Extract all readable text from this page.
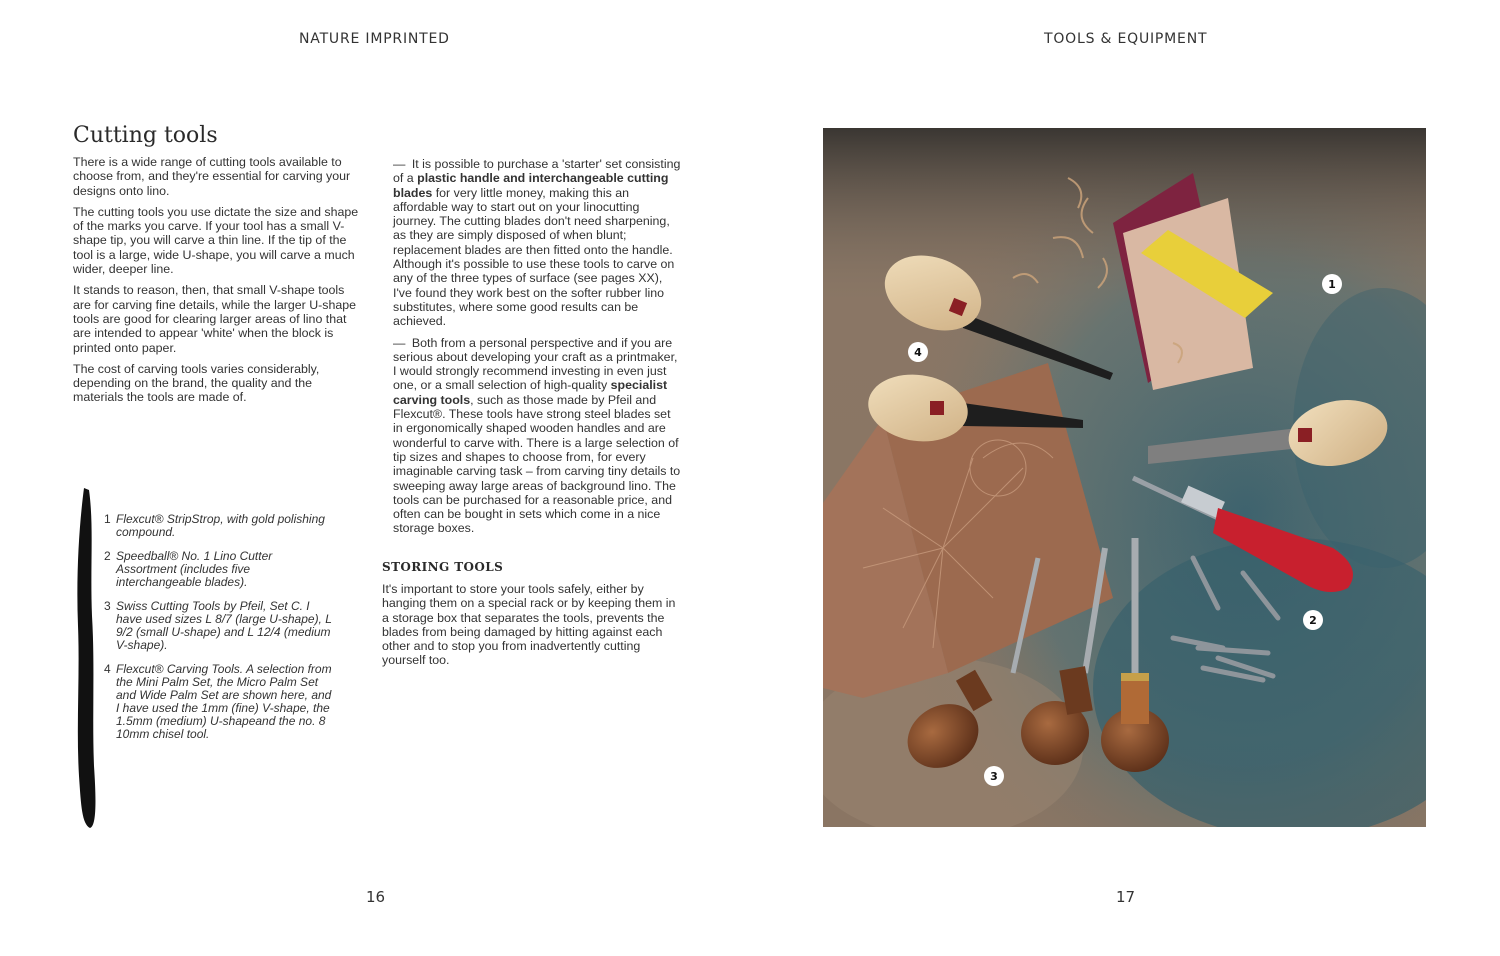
NATURE IMPRINTED	TOOLS & EQUIPMENT
Cutting tools

There is a wide range of cutting tools available to choose from, and they're essential for carving your designs onto lino.

The cutting tools you use dictate the size and shape of the marks you carve. If your tool has a small V-shape tip, you will carve a thin line. If the tip of the tool is a large, wide U-shape, you will carve a much wider, deeper line.

It stands to reason, then, that small V-shape tools are for carving fine details, while the larger U-shape tools are good for clearing larger areas of lino that are intended to appear 'white' when the block is printed onto paper.

The cost of carving tools varies considerably, depending on the brand, the quality and the materials the tools are made of.

— It is possible to purchase a 'starter' set consisting of a plastic handle and interchangeable cutting blades for very little money, making this an affordable way to start out on your linocutting journey. The cutting blades don't need sharpening, as they are simply disposed of when blunt; replacement blades are then fitted onto the handle. Although it's possible to use these tools to carve on any of the three types of surface (see pages XX), I've found they work best on the softer rubber lino substitutes, where some good results can be achieved.

— Both from a personal perspective and if you are serious about developing your craft as a printmaker, I would strongly recommend investing in even just one, or a small selection of high-quality specialist carving tools, such as those made by Pfeil and Flexcut®. These tools have strong steel blades set in ergonomically shaped wooden handles and are wonderful to carve with. There is a large selection of tip sizes and shapes to choose from, for every imaginable carving task – from carving tiny details to sweeping away large areas of background lino. The tools can be purchased for a reasonable price, and often can be bought in sets which come in a nice storage boxes.

STORING TOOLS
It's important to store your tools safely, either by hanging them on a special rack or by keeping them in a storage box that separates the tools, prevents the blades from being damaged by hitting against each other and to stop you from inadvertently cutting yourself too.
1 Flexcut® StripStrop, with gold polishing compound.
2 Speedball® No. 1 Lino Cutter Assortment (includes five interchangeable blades).
3 Swiss Cutting Tools by Pfeil, Set C. I have used sizes L 8/7 (large U-shape), L 9/2 (small U-shape) and L 12/4 (medium V-shape).
4 Flexcut® Carving Tools. A selection from the Mini Palm Set, the Micro Palm Set and Wide Palm Set are shown here, and I have used the 1mm (fine) V-shape, the 1.5mm (medium) U-shapeand the no. 8 10mm chisel tool.
1
2
3
4
16	17
